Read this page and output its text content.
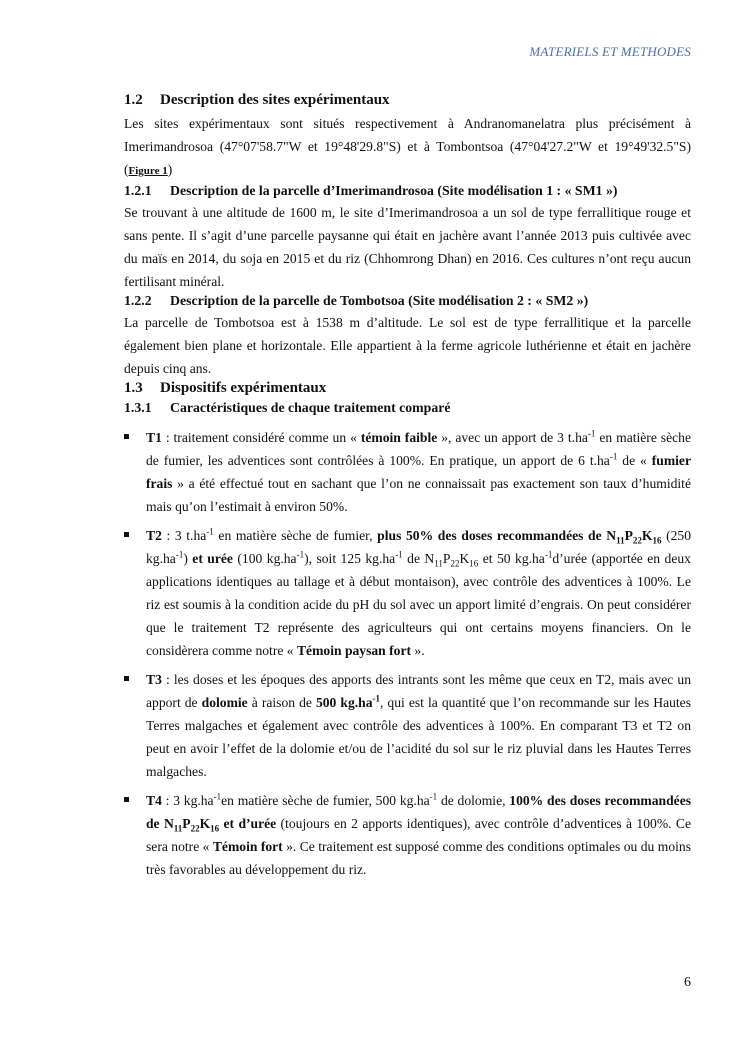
MATERIELS ET METHODES
1.2 Description des sites expérimentaux

Les sites expérimentaux sont situés respectivement à Andranomanelatra plus précisément à Imerimandrosoa (47°07'58.7"W et 19°48'29.8"S) et à Tombontsoa (47°04'27.2"W et 19°49'32.5"S) (Figure 1)

1.2.1 Description de la parcelle d’Imerimandrosoa (Site modélisation 1 : « SM1 »)

Se trouvant à une altitude de 1600 m, le site d’Imerimandrosoa a un sol de type ferrallitique rouge et sans pente. Il s’agit d’une parcelle paysanne qui était en jachère avant l’année 2013 puis cultivée avec du maïs en 2014, du soja en 2015 et du riz (Chhomrong Dhan) en 2016. Ces cultures n’ont reçu aucun fertilisant minéral.

1.2.2 Description de la parcelle de Tombotsoa (Site modélisation 2 : « SM2 »)

La parcelle de Tombotsoa est à 1538 m d’altitude. Le sol est de type ferrallitique et la parcelle également bien plane et horizontale. Elle appartient à la ferme agricole luthérienne et était en jachère depuis cinq ans.

1.3 Dispositifs expérimentaux
1.3.1 Caractéristiques de chaque traitement comparé
T1 : traitement considéré comme un « témoin faible », avec un apport de 3 $t.ha^{-1}$ en matière sèche de fumier, les adventices sont contrôlées à 100%. En pratique, un apport de 6 $t.ha^{-1}$ de « fumier frais » a été effectué tout en sachant que l’on ne connaissait pas exactement son taux d’humidité mais qu’on l’estimait à environ 50%.
T2 : 3 $t.ha^{-1}$ en matière sèche de fumier, plus 50% des doses recommandées de $N_{11}P_{22}K_{16}$ (250 $kg.ha^{-1}$) et urée (100 $kg.ha^{-1}$), soit 125 $kg.ha^{-1}$ de $N_{11}P_{22}K_{16}$ et 50 $kg.ha^{-1}d’urée$ (apportée en deux applications identiques au tallage et à début montaison), avec contrôle des adventices à 100%. Le riz est soumis à la condition acide du pH du sol avec un apport limité d’engrais. On peut considérer que le traitement T2 représente des agriculteurs qui ont certains moyens financiers. On le considèrera comme notre « Témoin paysan fort ».
T3 : les doses et les époques des apports des intrants sont les même que ceux en T2, mais avec un apport de dolomie à raison de 500 $kg.ha^{-1}$, qui est la quantité que l’on recommande sur les Hautes Terres malgaches et également avec contrôle des adventices à 100%. En comparant T3 et T2 on peut en avoir l’effet de la dolomie et/ou de l’acidité du sol sur le riz pluvial dans les Hautes Terres malgaches.
T4 : 3 $kg.ha^{-1}en$ matière sèche de fumier, 500 $kg.ha^{-1}$ de dolomie, 100% des doses recommandées de $N_{11}P_{22}K_{16}$ et d’urée (toujours en 2 apports identiques), avec contrôle d’adventices à 100%. Ce sera notre « Témoin fort ». Ce traitement est supposé comme des conditions optimales ou du moins très favorables au développement du riz.
6
